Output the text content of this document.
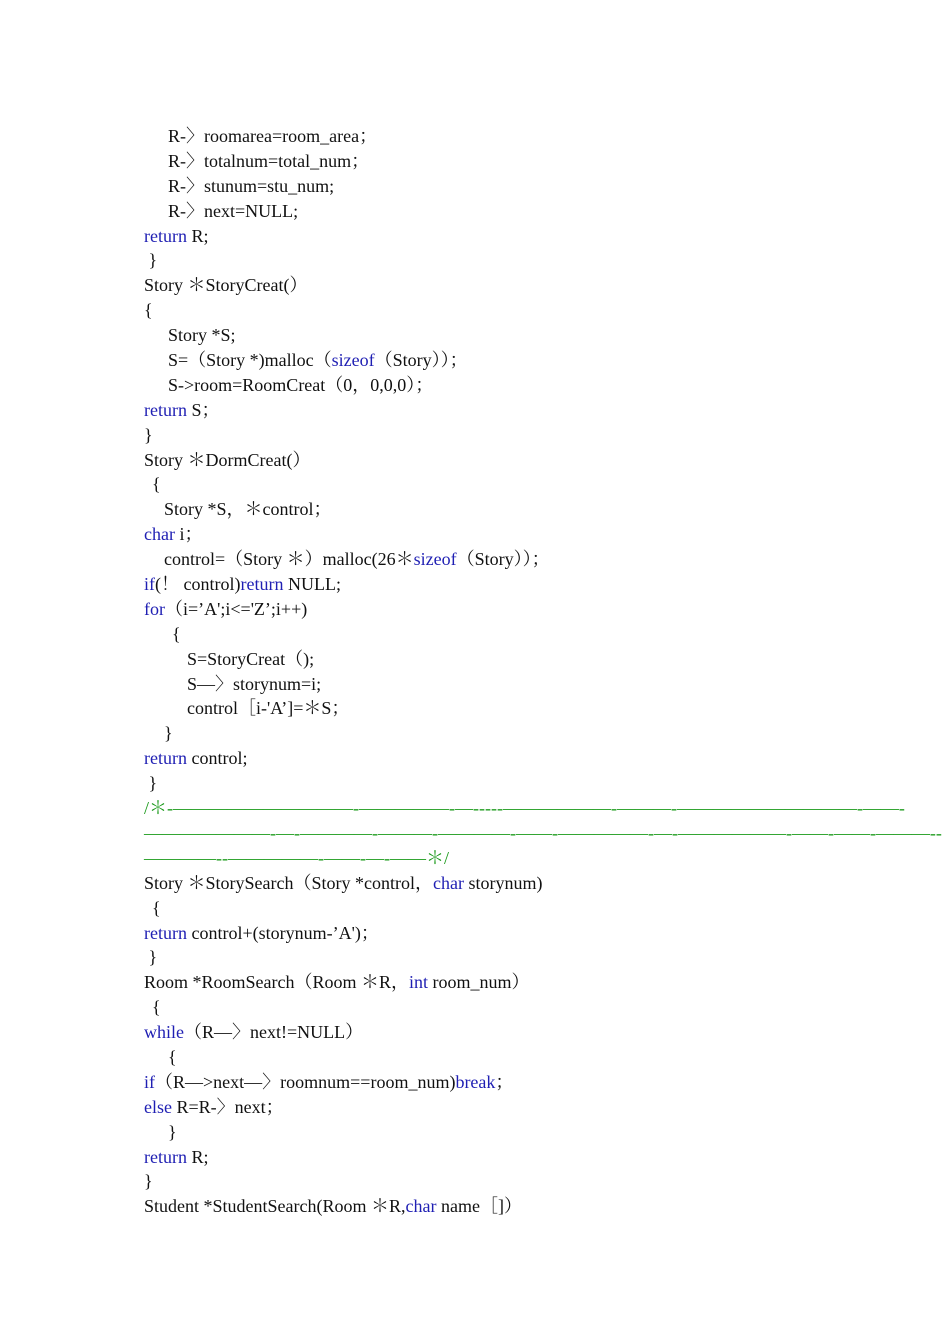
R-〉roomarea=room_area；
R-〉totalnum=total_num；
R-〉stunum=stu_num;
R-〉next=NULL;
return R;
}
Story ＊StoryCreat(）
{
Story *S;
S=（Story *)malloc（sizeof（Story））；
S->room=RoomCreat（0，0,0,0）；
return S；
}
Story ＊DormCreat(）
{
Story *S，＊control；
char i；
control=（Story ＊）malloc(26＊sizeof（Story））；
if(！ control)return NULL;
for（i=’A';i<='Z’;i++)
{
S=StoryCreat（);
S—〉storynum=i;
control［i-'A’]=＊S；
}
return control;
}
/＊-——————————-—————-—-----——————-———-——————————-——-
———————-—-————-———-————-——-—————-—-——————-——-——-———--
————--—————-——-—-——＊/
Story ＊StorySearch（Story *control，char storynum)
{
return control+(storynum-’A')；
}
Room *RoomSearch（Room ＊R，int room_num）
{
while（R—〉next!=NULL）
{
if（R—>next—〉roomnum==room_num)break；
else R=R-〉next；
}
return R;
}
Student *StudentSearch(Room ＊R,char name［]）
